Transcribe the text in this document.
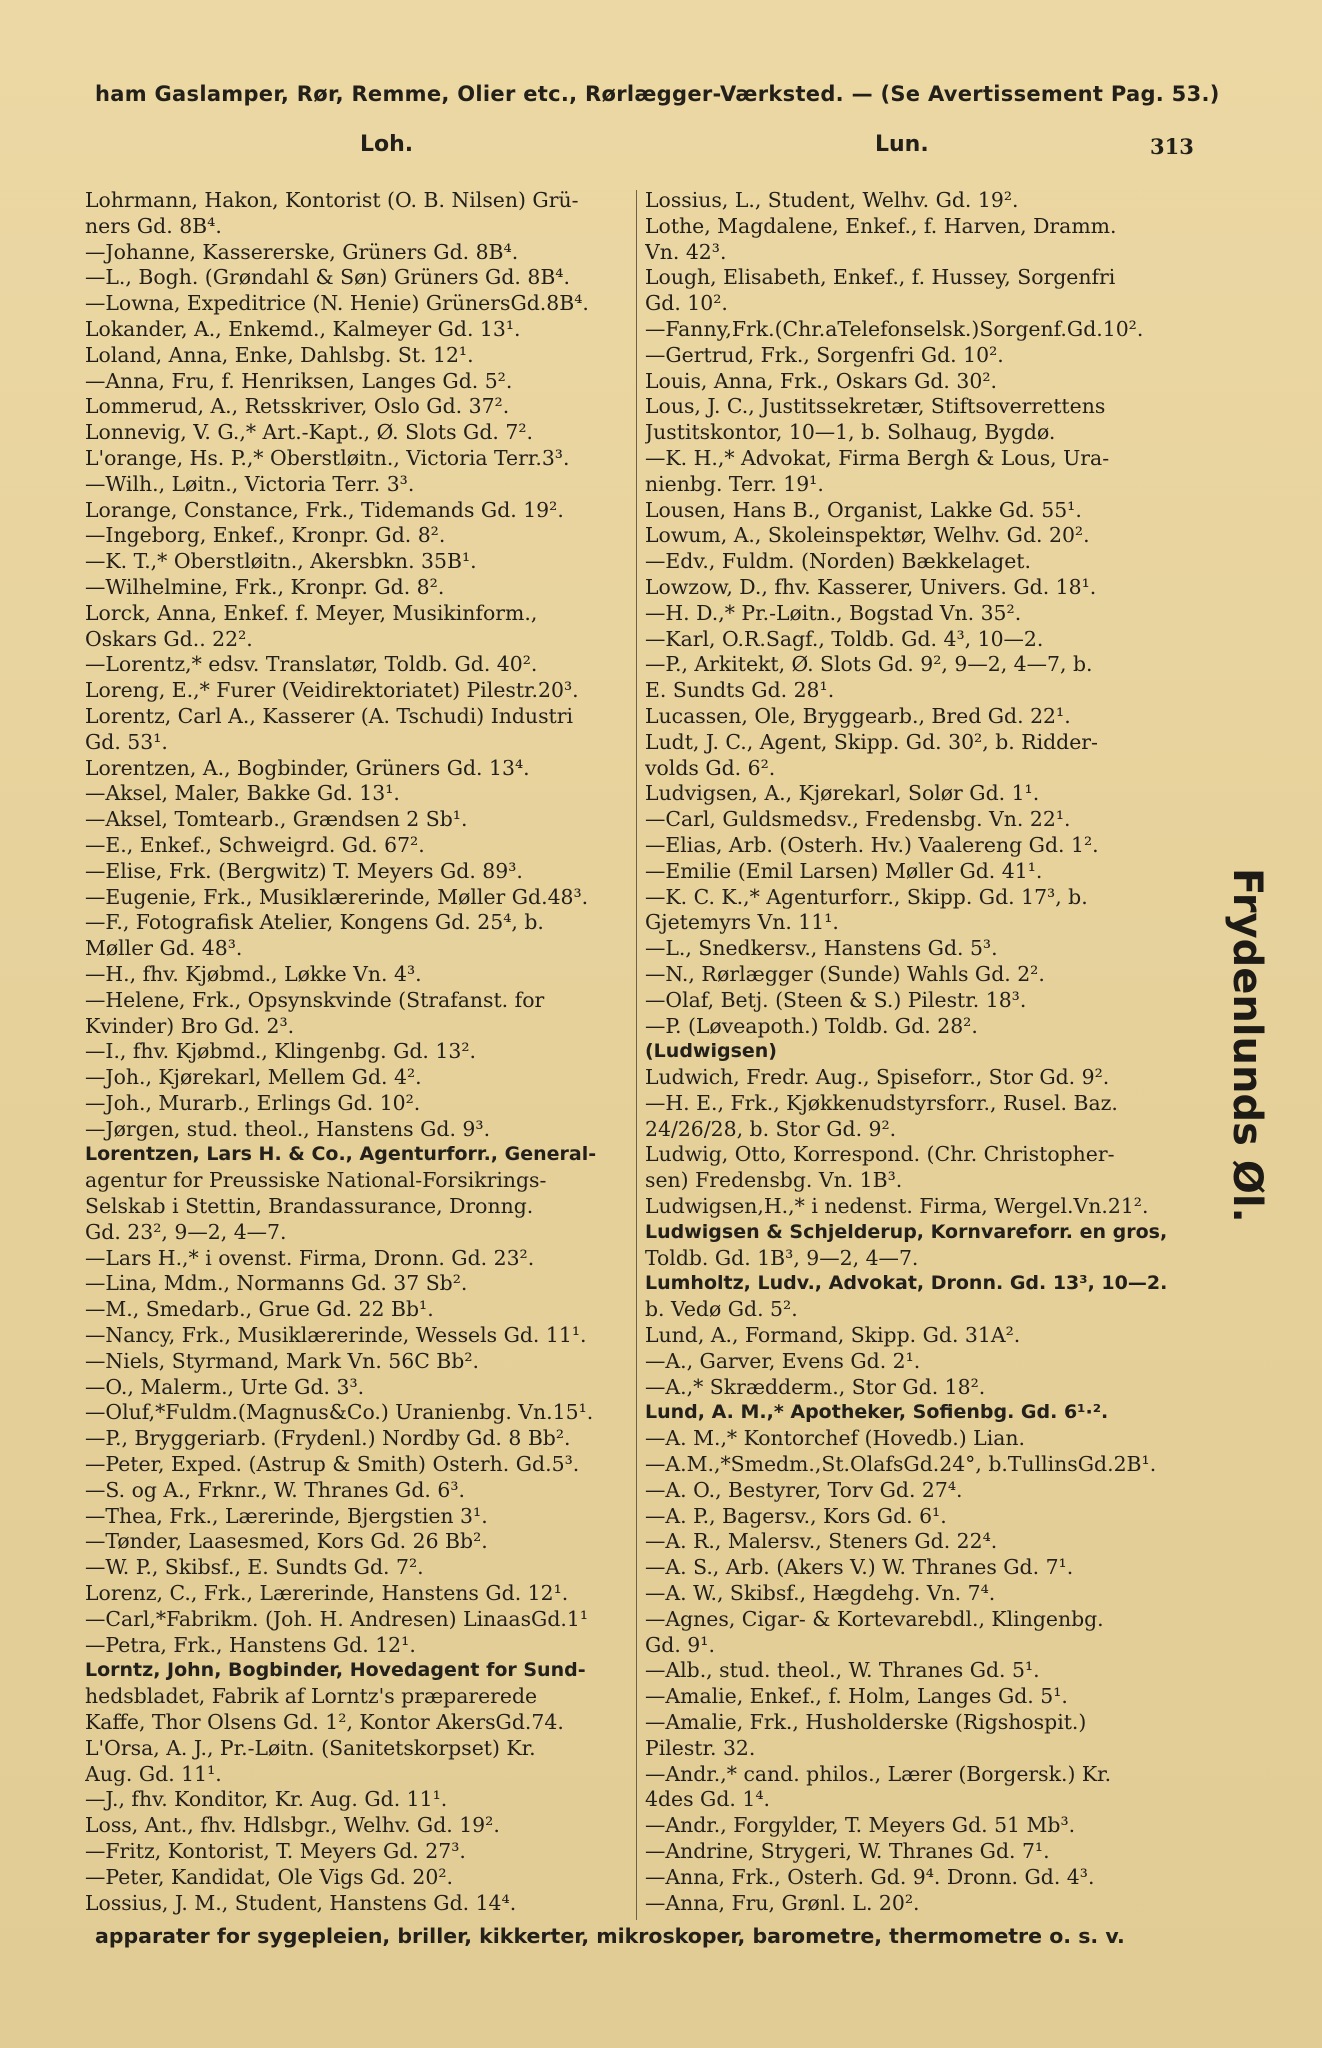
ham Gaslamper, Rør, Remme, Olier etc., Rørlægger-Værksted. — (Se Avertissement Pag. 53.)
Loh.	Lun.	313
Lohrmann, Hakon, Kontorist (O. B. Nilsen) Grü-
ners Gd. 8B⁴.
—Johanne, Kassererske, Grüners Gd. 8B⁴.
—L., Bogh. (Grøndahl & Søn) Grüners Gd. 8B⁴.
—Lowna, Expeditrice (N. Henie) GrünersGd.8B⁴.
Lokander, A., Enkemd., Kalmeyer Gd. 13¹.
Loland, Anna, Enke, Dahlsbg. St. 12¹.
—Anna, Fru, f. Henriksen, Langes Gd. 5².
Lommerud, A., Retsskriver, Oslo Gd. 37².
Lonnevig, V. G.,* Art.-Kapt., Ø. Slots Gd. 7².
L'orange, Hs. P.,* Oberstløitn., Victoria Terr.3³.
—Wilh., Løitn., Victoria Terr. 3³.
Lorange, Constance, Frk., Tidemands Gd. 19².
—Ingeborg, Enkef., Kronpr. Gd. 8².
—K. T.,* Oberstløitn., Akersbkn. 35B¹.
—Wilhelmine, Frk., Kronpr. Gd. 8².
Lorck, Anna, Enkef. f. Meyer, Musikinform.,
Oskars Gd.. 22².
—Lorentz,* edsv. Translatør, Toldb. Gd. 40².
Loreng, E.,* Furer (Veidirektoriatet) Pilestr.20³.
Lorentz, Carl A., Kasserer (A. Tschudi) Industri
Gd. 53¹.
Lorentzen, A., Bogbinder, Grüners Gd. 13⁴.
—Aksel, Maler, Bakke Gd. 13¹.
—Aksel, Tomtearb., Grændsen 2 Sb¹.
—E., Enkef., Schweigrd. Gd. 67².
—Elise, Frk. (Bergwitz) T. Meyers Gd. 89³.
—Eugenie, Frk., Musiklærerinde, Møller Gd.48³.
—F., Fotografisk Atelier, Kongens Gd. 25⁴, b.
Møller Gd. 48³.
—H., fhv. Kjøbmd., Løkke Vn. 4³.
—Helene, Frk., Opsynskvinde (Strafanst. for
Kvinder) Bro Gd. 2³.
—I., fhv. Kjøbmd., Klingenbg. Gd. 13².
—Joh., Kjørekarl, Mellem Gd. 4².
—Joh., Murarb., Erlings Gd. 10².
—Jørgen, stud. theol., Hanstens Gd. 9³.
Lorentzen, Lars H. & Co., Agenturforr., General-
agentur for Preussiske National-Forsikrings-
Selskab i Stettin, Brandassurance, Dronng.
Gd. 23², 9—2, 4—7.
—Lars H.,* i ovenst. Firma, Dronn. Gd. 23².
—Lina, Mdm., Normanns Gd. 37 Sb².
—M., Smedarb., Grue Gd. 22 Bb¹.
—Nancy, Frk., Musiklærerinde, Wessels Gd. 11¹.
—Niels, Styrmand, Mark Vn. 56C Bb².
—O., Malerm., Urte Gd. 3³.
—Oluf,*Fuldm.(Magnus&Co.) Uranienbg. Vn.15¹.
—P., Bryggeriarb. (Frydenl.) Nordby Gd. 8 Bb².
—Peter, Exped. (Astrup & Smith) Osterh. Gd.5³.
—S. og A., Frknr., W. Thranes Gd. 6³.
—Thea, Frk., Lærerinde, Bjergstien 3¹.
—Tønder, Laasesmed, Kors Gd. 26 Bb².
—W. P., Skibsf., E. Sundts Gd. 7².
Lorenz, C., Frk., Lærerinde, Hanstens Gd. 12¹.
—Carl,*Fabrikm. (Joh. H. Andresen) LinaasGd.1¹
—Petra, Frk., Hanstens Gd. 12¹.
Lorntz, John, Bogbinder, Hovedagent for Sund-
hedsbladet, Fabrik af Lorntz's præparerede
Kaffe, Thor Olsens Gd. 1², Kontor AkersGd.74.
L'Orsa, A. J., Pr.-Løitn. (Sanitetskorpset) Kr.
Aug. Gd. 11¹.
—J., fhv. Konditor, Kr. Aug. Gd. 11¹.
Loss, Ant., fhv. Hdlsbgr., Welhv. Gd. 19².
—Fritz, Kontorist, T. Meyers Gd. 27³.
—Peter, Kandidat, Ole Vigs Gd. 20².
Lossius, J. M., Student, Hanstens Gd. 14⁴.
Lossius, L., Student, Welhv. Gd. 19².
Lothe, Magdalene, Enkef., f. Harven, Dramm.
Vn. 42³.
Lough, Elisabeth, Enkef., f. Hussey, Sorgenfri
Gd. 10².
—Fanny,Frk.(Chr.aTelefonselsk.)Sorgenf.Gd.10².
—Gertrud, Frk., Sorgenfri Gd. 10².
Louis, Anna, Frk., Oskars Gd. 30².
Lous, J. C., Justitssekretær, Stiftsoverrettens
Justitskontor, 10—1, b. Solhaug, Bygdø.
—K. H.,* Advokat, Firma Bergh & Lous, Ura-
nienbg. Terr. 19¹.
Lousen, Hans B., Organist, Lakke Gd. 55¹.
Lowum, A., Skoleinspektør, Welhv. Gd. 20².
—Edv., Fuldm. (Norden) Bækkelaget.
Lowzow, D., fhv. Kasserer, Univers. Gd. 18¹.
—H. D.,* Pr.-Løitn., Bogstad Vn. 35².
—Karl, O.R.Sagf., Toldb. Gd. 4³, 10—2.
—P., Arkitekt, Ø. Slots Gd. 9², 9—2, 4—7, b.
E. Sundts Gd. 28¹.
Lucassen, Ole, Bryggearb., Bred Gd. 22¹.
Ludt, J. C., Agent, Skipp. Gd. 30², b. Ridder-
volds Gd. 6².
Ludvigsen, A., Kjørekarl, Solør Gd. 1¹.
—Carl, Guldsmedsv., Fredensbg. Vn. 22¹.
—Elias, Arb. (Osterh. Hv.) Vaalereng Gd. 1².
—Emilie (Emil Larsen) Møller Gd. 41¹.
—K. C. K.,* Agenturforr., Skipp. Gd. 17³, b.
Gjetemyrs Vn. 11¹.
—L., Snedkersv., Hanstens Gd. 5³.
—N., Rørlægger (Sunde) Wahls Gd. 2².
—Olaf, Betj. (Steen & S.) Pilestr. 18³.
—P. (Løveapoth.) Toldb. Gd. 28².
(Ludwigsen)
Ludwich, Fredr. Aug., Spiseforr., Stor Gd. 9².
—H. E., Frk., Kjøkkenudstyrsforr., Rusel. Baz.
24/26/28, b. Stor Gd. 9².
Ludwig, Otto, Korrespond. (Chr. Christopher-
sen) Fredensbg. Vn. 1B³.
Ludwigsen,H.,* i nedenst. Firma, Wergel.Vn.21².
Ludwigsen & Schjelderup, Kornvareforr. en gros,
Toldb. Gd. 1B³, 9—2, 4—7.
Lumholtz, Ludv., Advokat, Dronn. Gd. 13³, 10—2.
b. Vedø Gd. 5².
Lund, A., Formand, Skipp. Gd. 31A².
—A., Garver, Evens Gd. 2¹.
—A.,* Skrædderm., Stor Gd. 18².
Lund, A. M.,* Apotheker, Sofienbg. Gd. 6¹·².
—A. M.,* Kontorchef (Hovedb.) Lian.
—A.M.,*Smedm.,St.OlafsGd.24°, b.TullinsGd.2B¹.
—A. O., Bestyrer, Torv Gd. 27⁴.
—A. P., Bagersv., Kors Gd. 6¹.
—A. R., Malersv., Steners Gd. 22⁴.
—A. S., Arb. (Akers V.) W. Thranes Gd. 7¹.
—A. W., Skibsf., Hægdehg. Vn. 7⁴.
—Agnes, Cigar- & Kortevarebdl., Klingenbg.
Gd. 9¹.
—Alb., stud. theol., W. Thranes Gd. 5¹.
—Amalie, Enkef., f. Holm, Langes Gd. 5¹.
—Amalie, Frk., Husholderske (Rigshospit.)
Pilestr. 32.
—Andr.,* cand. philos., Lærer (Borgersk.) Kr.
4des Gd. 1⁴.
—Andr., Forgylder, T. Meyers Gd. 51 Mb³.
—Andrine, Strygeri, W. Thranes Gd. 7¹.
—Anna, Frk., Osterh. Gd. 9⁴. Dronn. Gd. 4³.
—Anna, Fru, Grønl. L. 20².
Frydenlunds Øl.
apparater for sygepleien, briller, kikkerter, mikroskoper, barometre, thermometre o. s. v.
